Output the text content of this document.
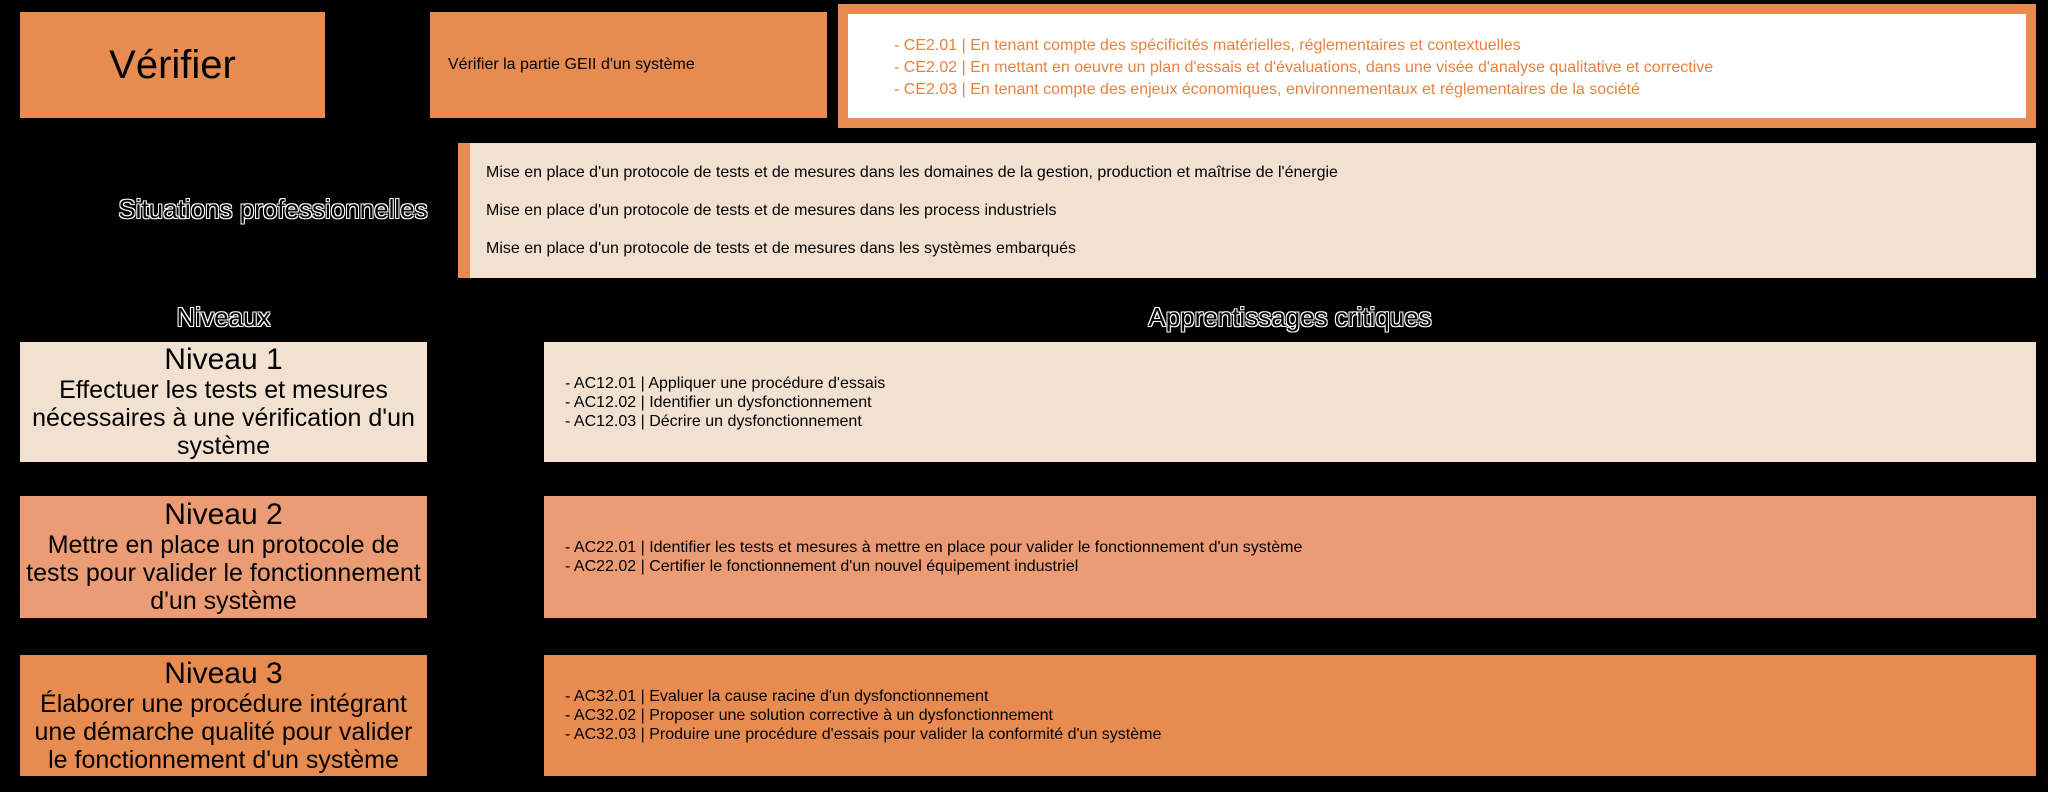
Vérifier	Vérifier la partie GEII d'un système
- CE2.01 | En tenant compte des spécificités matérielles, réglementaires et contextuelles
- CE2.02 | En mettant en oeuvre un plan d'essais et d'évaluations, dans une visée d'analyse qualitative et corrective
- CE2.03 | En tenant compte des enjeux économiques, environnementaux et réglementaires de la société
Situations professionnelles
Mise en place d'un protocole de tests et de mesures dans les domaines de la gestion, production et maîtrise de l'énergie
Mise en place d'un protocole de tests et de mesures dans les process industriels
Mise en place d'un protocole de tests et de mesures dans les systèmes embarqués
Niveaux	Apprentissages critiques
Niveau 1
Effectuer les tests et mesures nécessaires à une vérification d'un système
- AC12.01 | Appliquer une procédure d'essais
- AC12.02 | Identifier un dysfonctionnement
- AC12.03 | Décrire un dysfonctionnement
Niveau 2
Mettre en place un protocole de tests pour valider le fonctionnement d'un système
- AC22.01 | Identifier les tests et mesures à mettre en place pour valider le fonctionnement d'un système
- AC22.02 | Certifier le fonctionnement d'un nouvel équipement industriel
Niveau 3
Élaborer une procédure intégrant une démarche qualité pour valider le fonctionnement d'un système
- AC32.01 | Evaluer la cause racine d'un dysfonctionnement
- AC32.02 | Proposer une solution corrective à un dysfonctionnement
- AC32.03 | Produire une procédure d'essais pour valider la conformité d'un système
